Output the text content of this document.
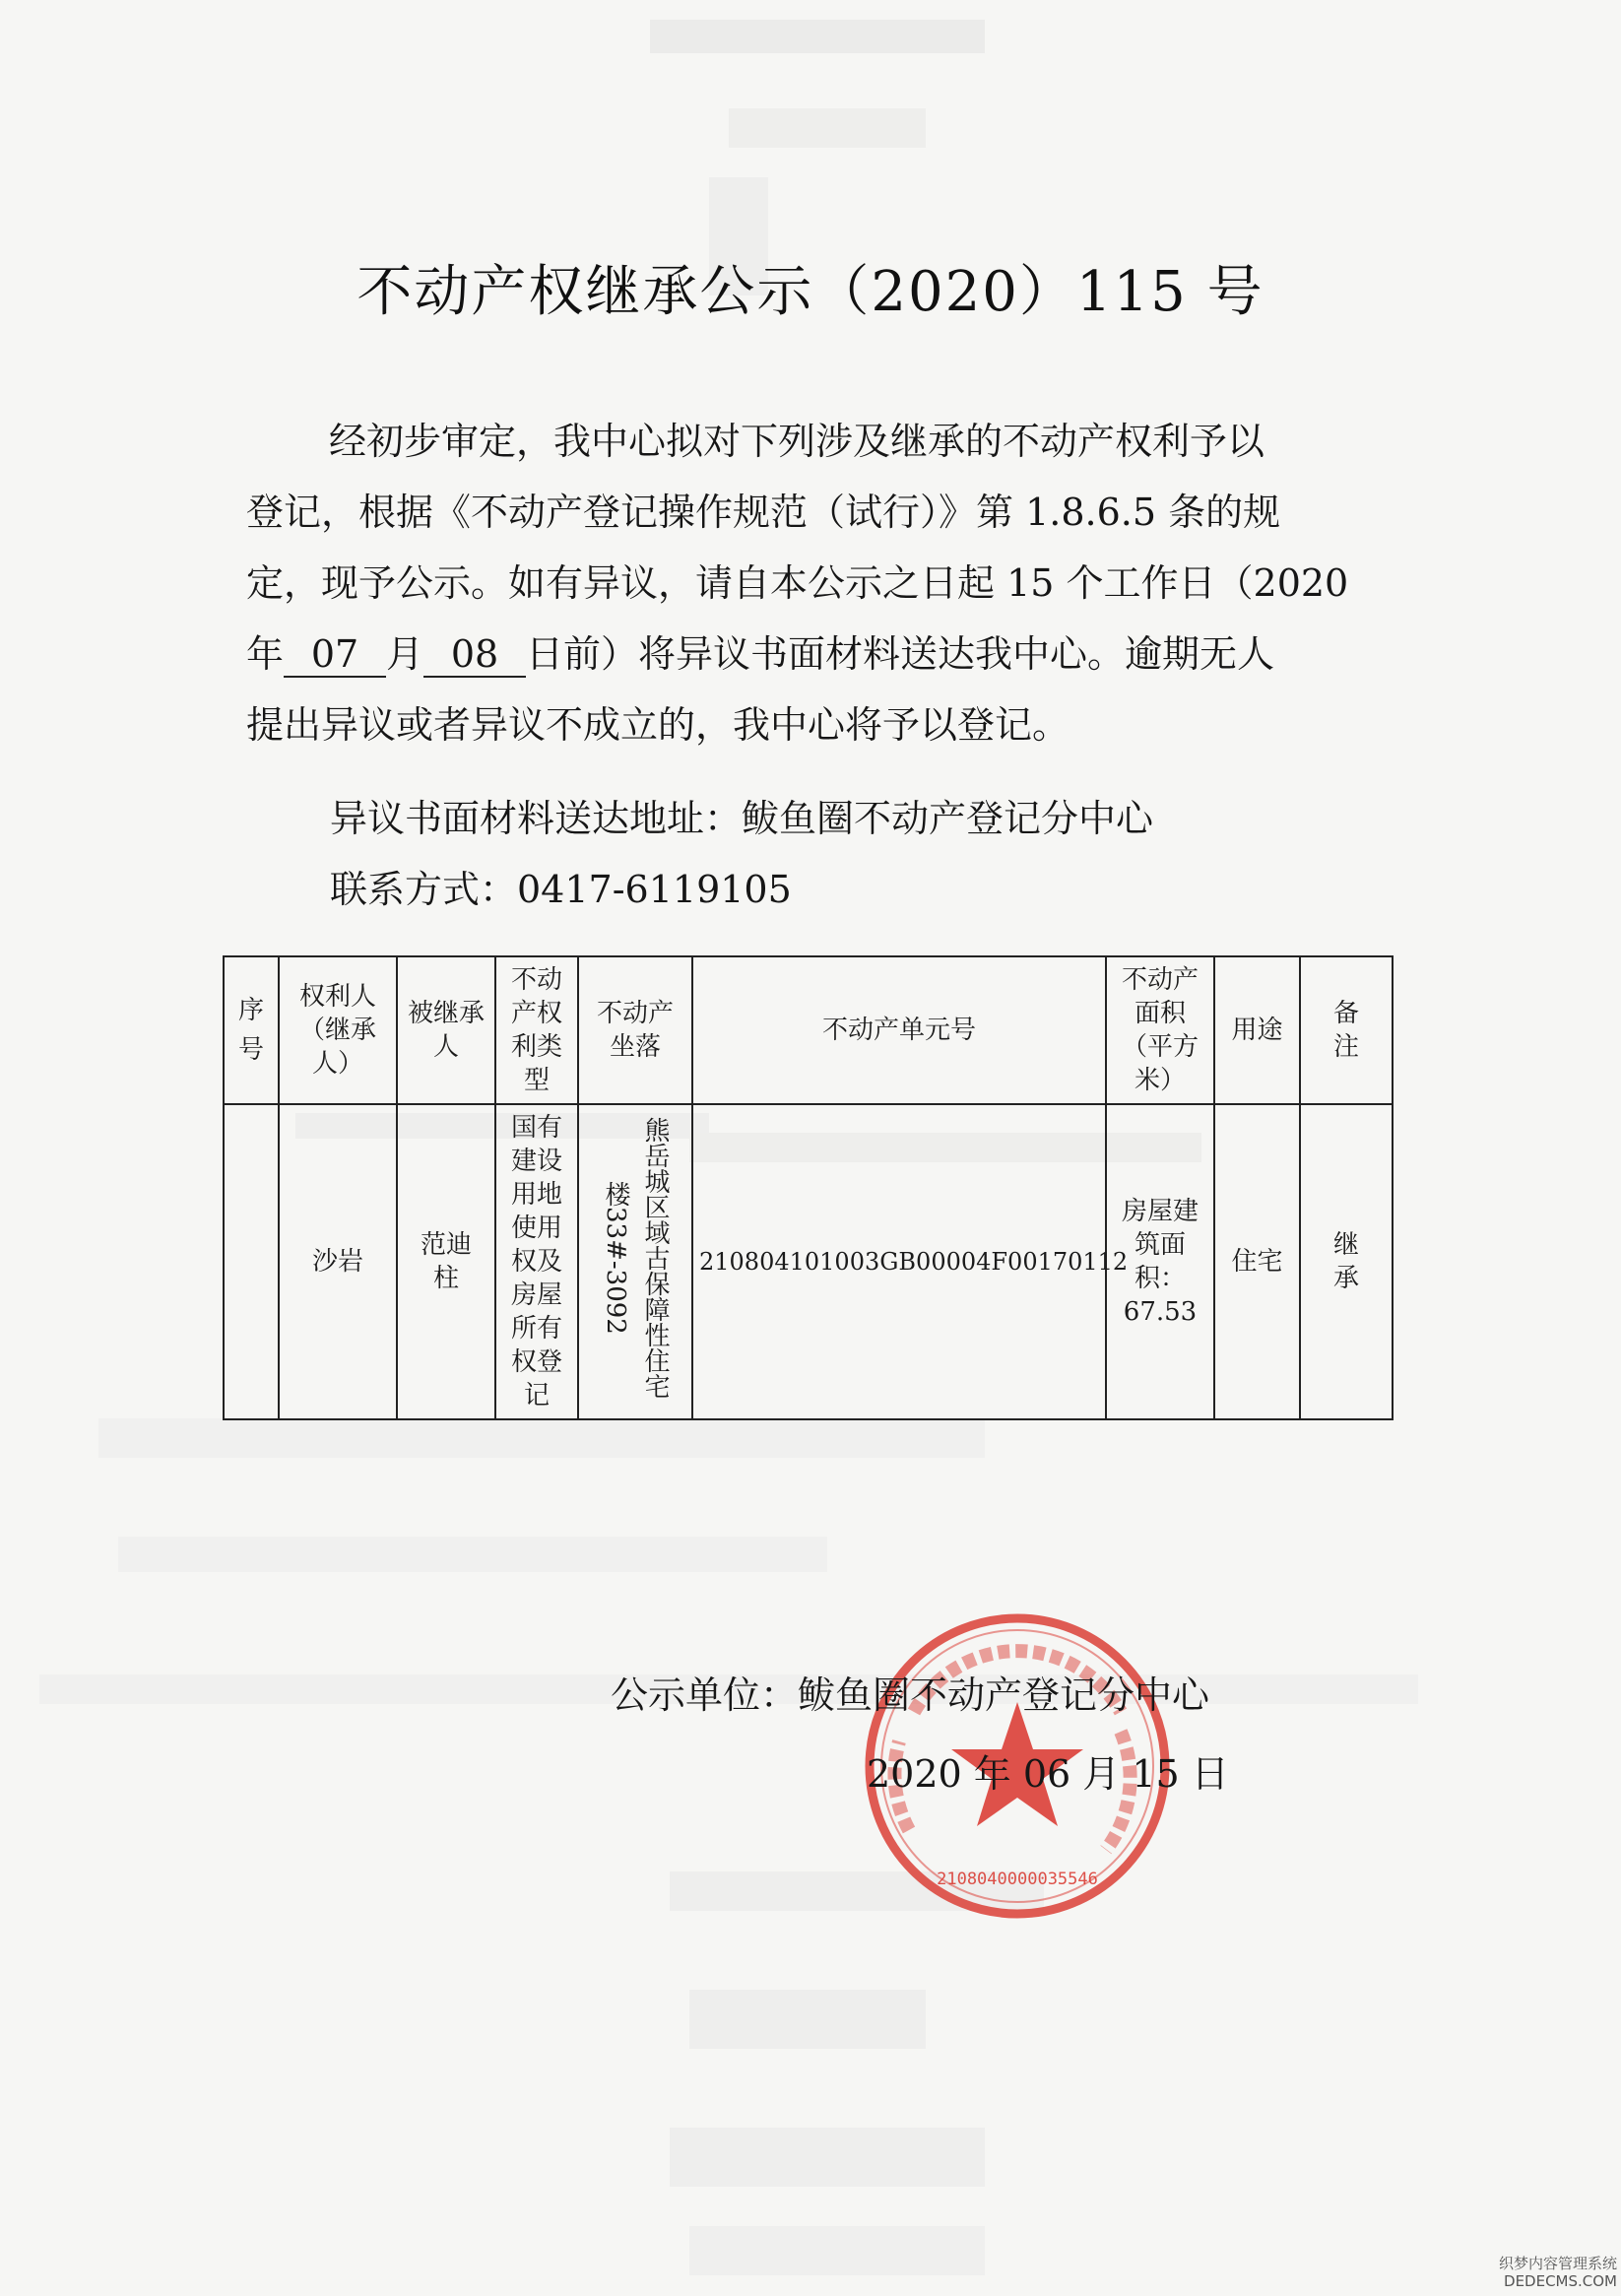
不动产权继承公示（2020）115 号
经初步审定，我中心拟对下列涉及继承的不动产权利予以
登记，根据《不动产登记操作规范（试行）》第 1.8.6.5 条的规
定，现予公示。如有异议，请自本公示之日起 15 个工作日（2020
年 07 月 08 日前）将异议书面材料送达我中心。逾期无人
提出异议或者异议不成立的，我中心将予以登记。
异议书面材料送达地址：鲅鱼圈不动产登记分中心
联系方式：0417-6119105
序号	权利人（继承人）	被继承人	不动产权利类型	不动产坐落	不动产单元号	不动产面积（平方米）	用途	备注

	沙岩	范迪柱	国有建设用地使用权及房屋所有权登记	熊岳城区域古保障性住宅楼33#-3092	210804101003GB00004F00170112	房屋建筑面积：67.53	住宅	继承
2108040000035546
公示单位：鲅鱼圈不动产登记分中心
2020 年 06 月 15 日
织梦内容管理系统
DEDECMS.COM
